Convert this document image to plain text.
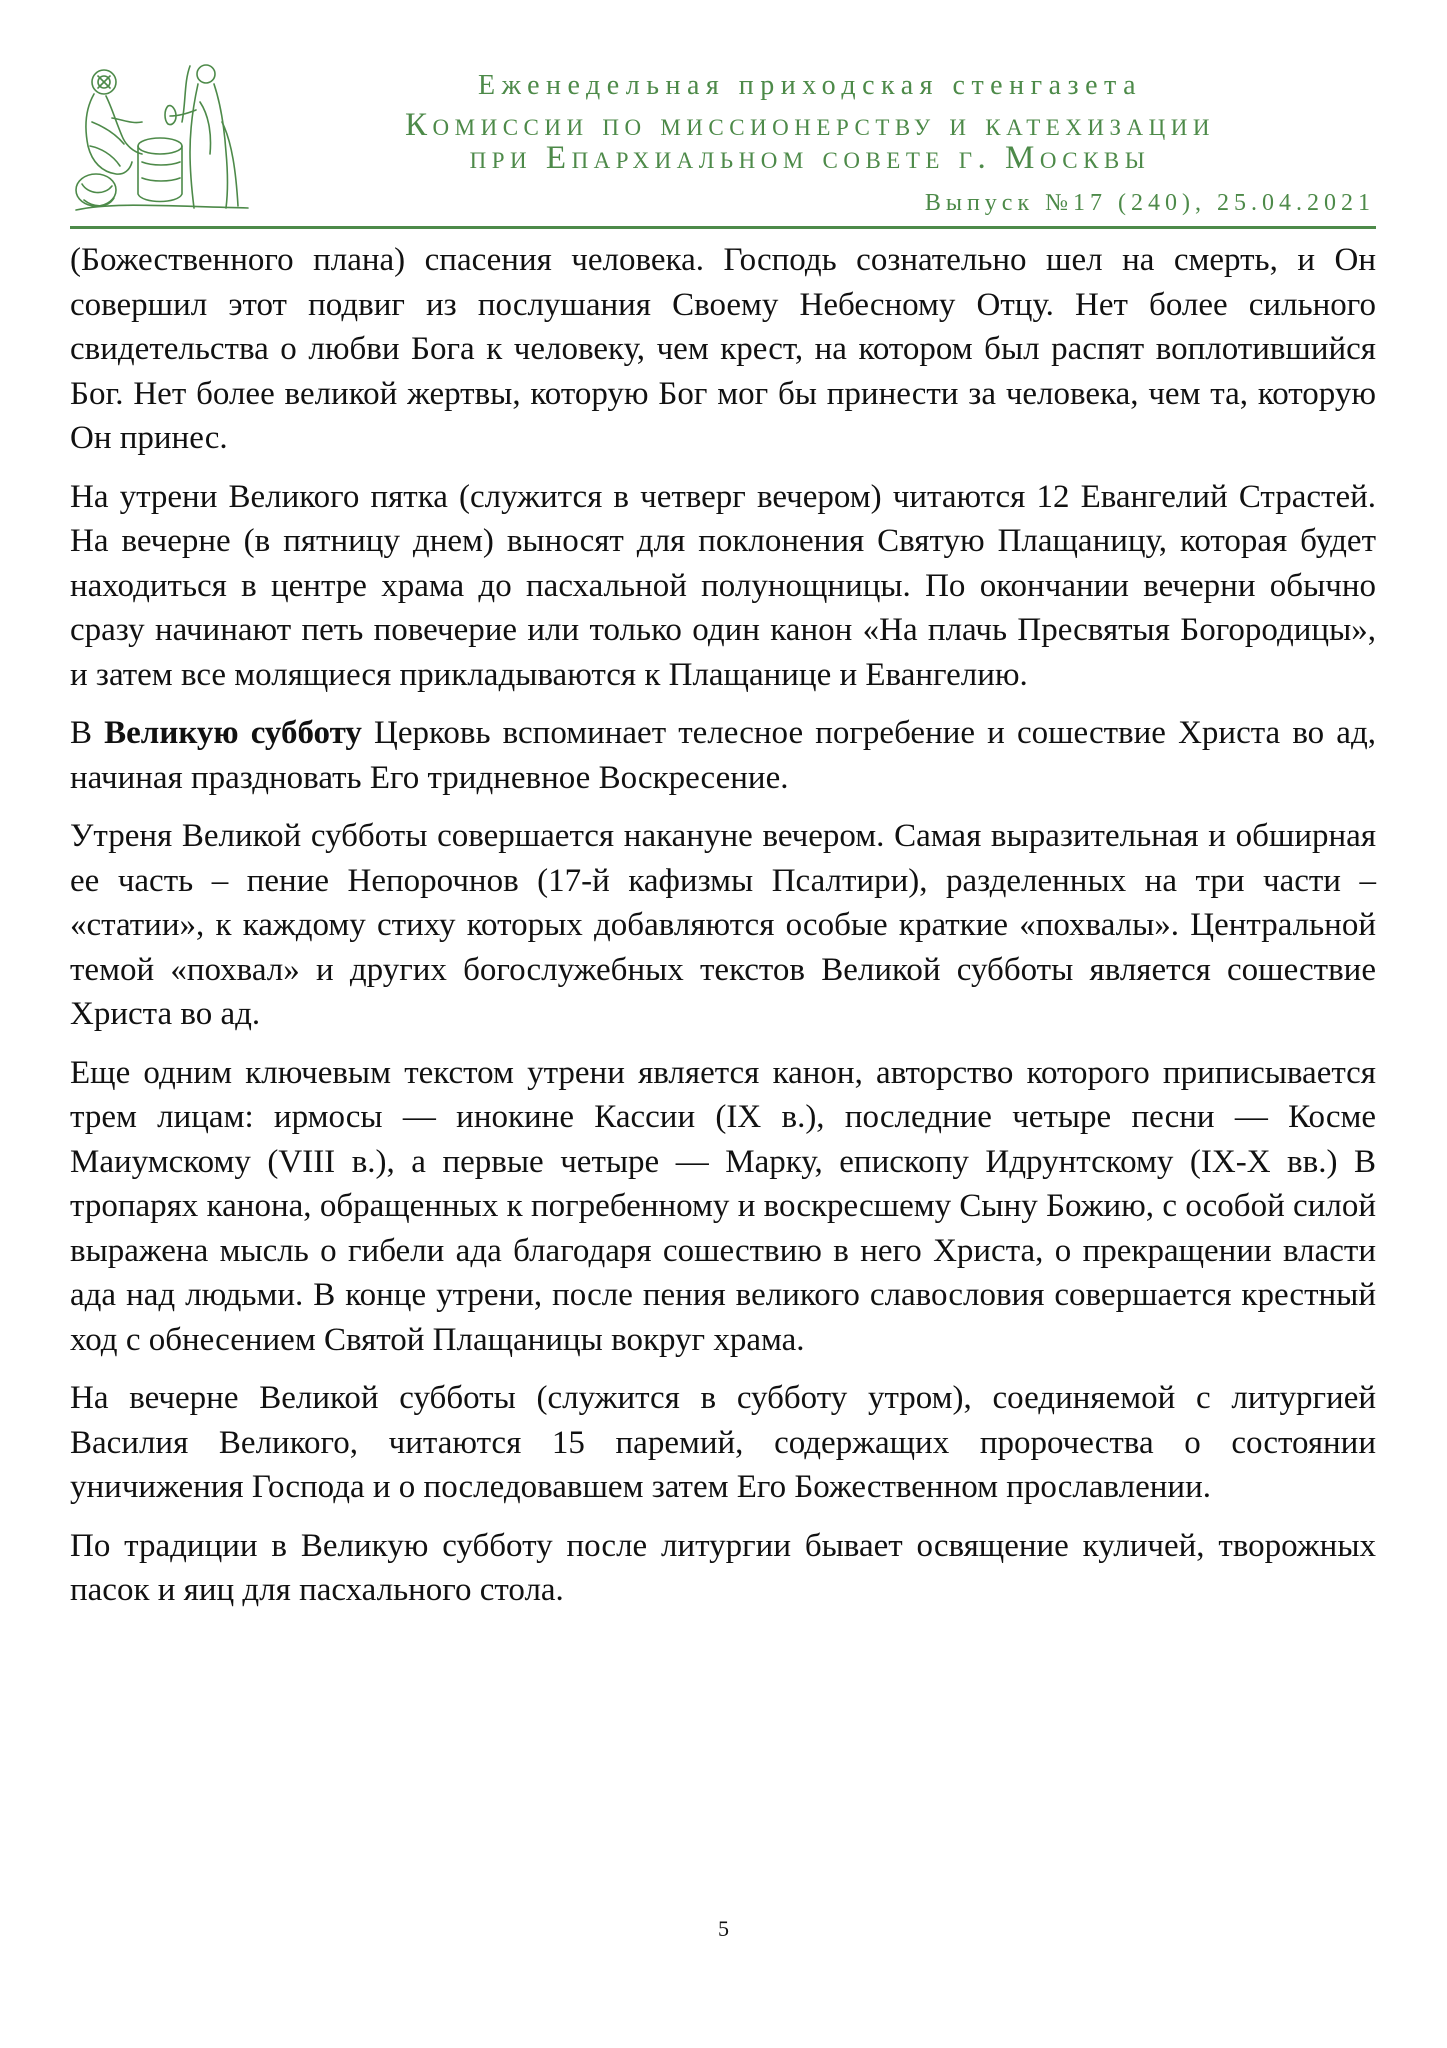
Еженедельная приходская стенгазета
Комиссии по миссионерству и катехизации
при Епархиальном совете г. Москвы
Выпуск №17 (240), 25.04.2021

(Божественного плана) спасения человека. Господь сознательно шел на смерть, и Он совершил этот подвиг из послушания Своему Небесному Отцу. Нет более сильного свидетельства о любви Бога к человеку, чем крест, на котором был распят воплотившийся Бог. Нет более великой жертвы, которую Бог мог бы принести за человека, чем та, которую Он принес.

На утрени Великого пятка (служится в четверг вечером) читаются 12 Евангелий Страстей. На вечерне (в пятницу днем) выносят для поклонения Святую Плащаницу, которая будет находиться в центре храма до пасхальной полунощницы. По окончании вечерни обычно сразу начинают петь повечерие или только один канон «На плачь Пресвятыя Богородицы», и затем все молящиеся прикладываются к Плащанице и Евангелию.

В Великую субботу Церковь вспоминает телесное погребение и сошествие Христа во ад, начиная праздновать Его тридневное Воскресение.

Утреня Великой субботы совершается накануне вечером. Самая выразительная и обширная ее часть – пение Непорочнов (17-й кафизмы Псалтири), разделенных на три части – «статии», к каждому стиху которых добавляются особые краткие «похвалы». Центральной темой «похвал» и других богослужебных текстов Великой субботы является сошествие Христа во ад.

Еще одним ключевым текстом утрени является канон, авторство которого приписывается трем лицам: ирмосы — инокине Кассии (IX в.), последние четыре песни — Косме Маиумскому (VIII в.), а первые четыре — Марку, епископу Идрунтскому (IX-X вв.) В тропарях канона, обращенных к погребенному и воскресшему Сыну Божию, с особой силой выражена мысль о гибели ада благодаря сошествию в него Христа, о прекращении власти ада над людьми. В конце утрени, после пения великого славословия совершается крестный ход с обнесением Святой Плащаницы вокруг храма.

На вечерне Великой субботы (служится в субботу утром), соединяемой с литургией Василия Великого, читаются 15 паремий, содержащих пророчества о состоянии уничижения Господа и о последовавшем затем Его Божественном прославлении.

По традиции в Великую субботу после литургии бывает освящение куличей, творожных пасок и яиц для пасхального стола.

5
